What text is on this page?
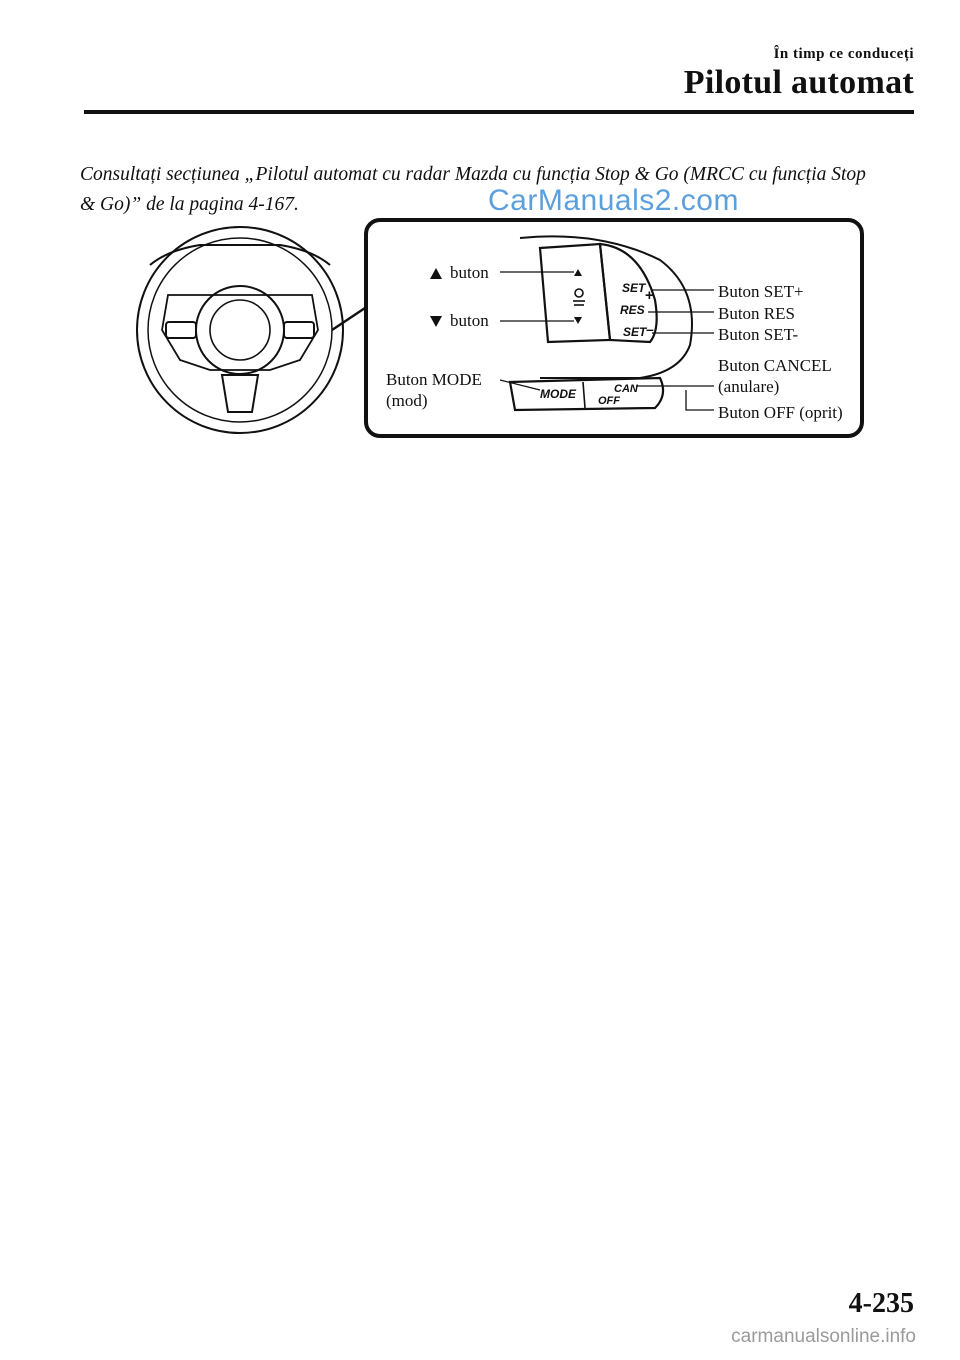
În timp ce conduceți
Pilotul automat
Consultați secțiunea „Pilotul automat cu radar Mazda cu funcția Stop & Go (MRCC cu funcția Stop & Go)” de la pagina 4-167.	CarManuals2.com
SET
RES
SET
MODE	CAN
OFF
+
–
buton
buton
Buton SET+
Buton RES
Buton SET-
Buton CANCEL
(anulare)
Buton OFF (oprit)
Buton MODE
(mod)
4-235
carmanualsonline.info
